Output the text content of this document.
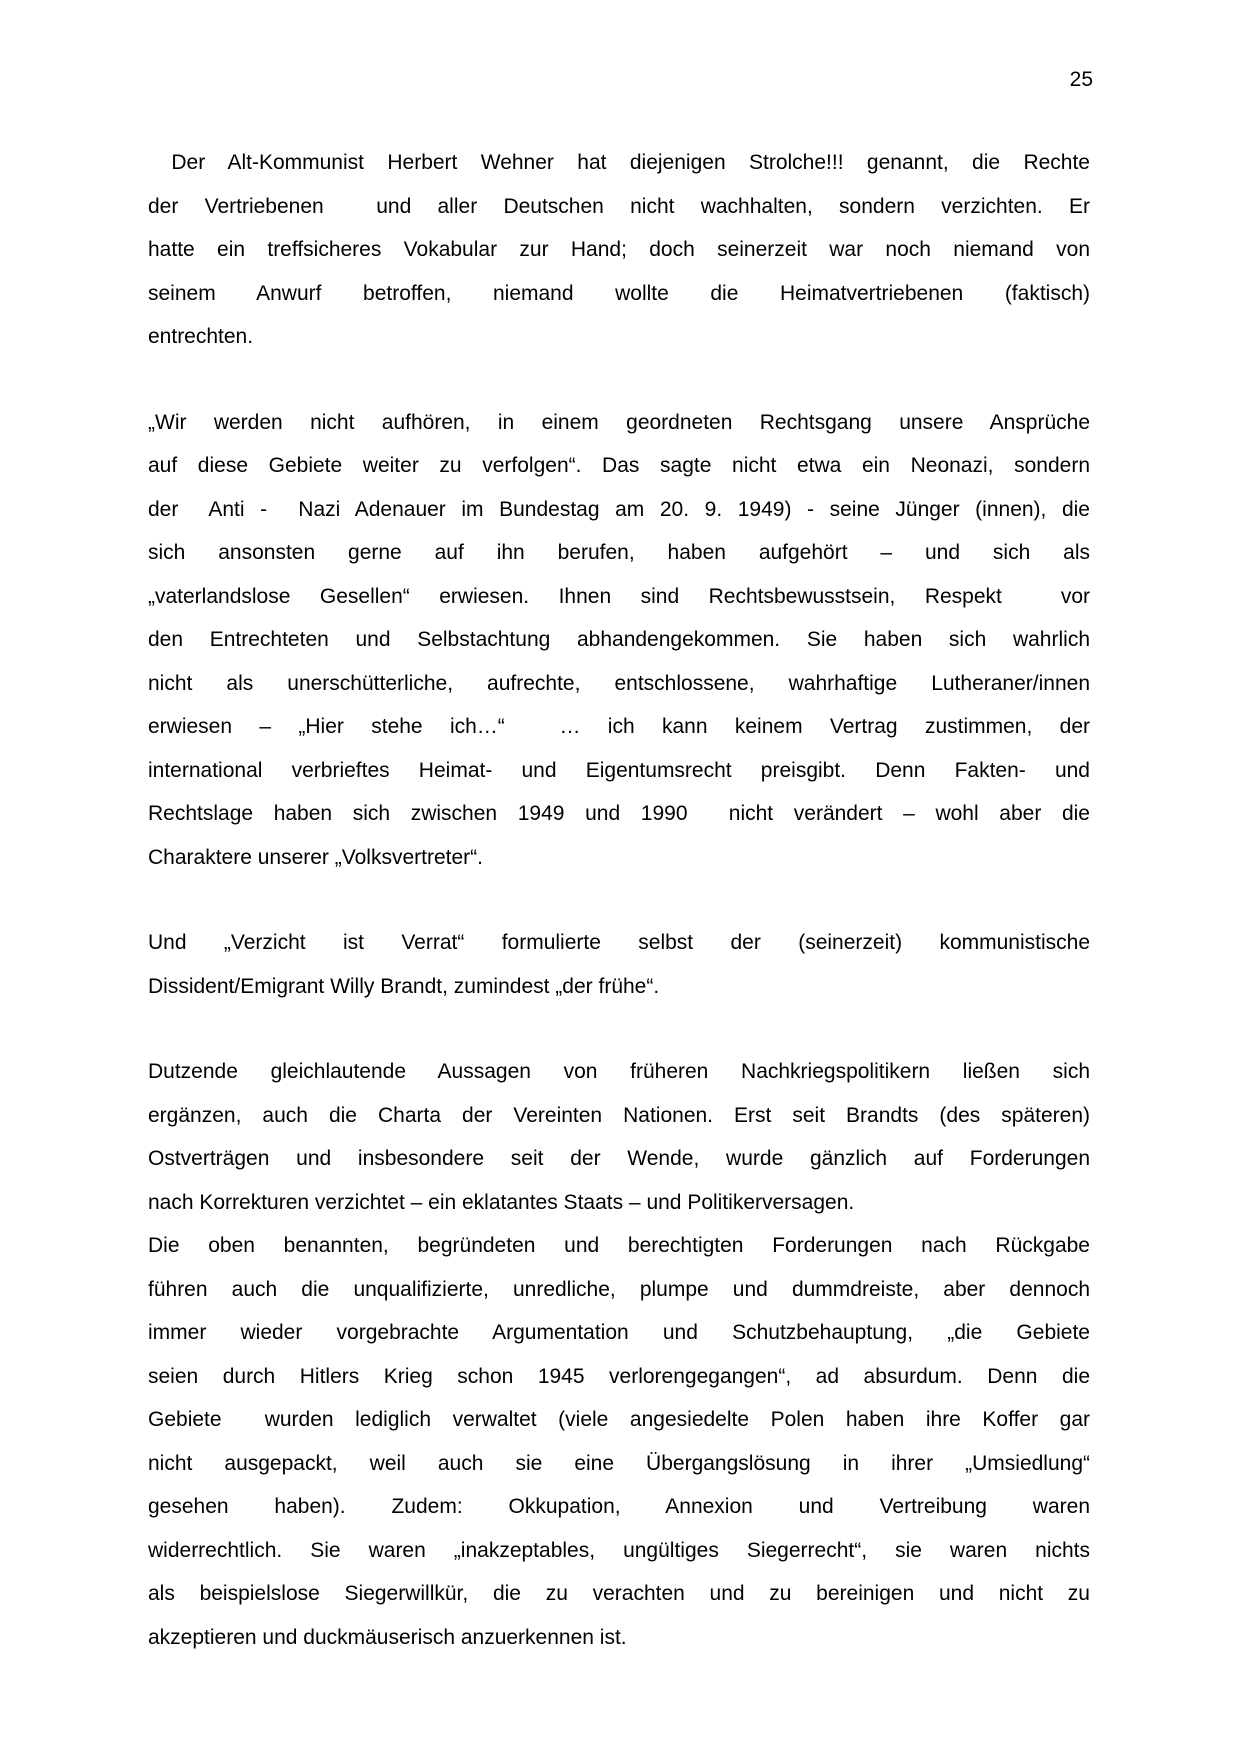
25
Der Alt-Kommunist Herbert Wehner hat diejenigen Strolche!!! genannt, die Rechte
der Vertriebenen  und aller Deutschen nicht wachhalten, sondern verzichten. Er
hatte ein treffsicheres Vokabular zur Hand; doch seinerzeit war noch niemand von
seinem Anwurf betroffen, niemand wollte die Heimatvertriebenen (faktisch)
entrechten.
„Wir werden nicht aufhören, in einem geordneten Rechtsgang unsere Ansprüche
auf diese Gebiete weiter zu verfolgen“. Das sagte nicht etwa ein Neonazi, sondern
der  Anti -  Nazi Adenauer im Bundestag am 20. 9. 1949) - seine Jünger (innen), die
sich ansonsten gerne auf ihn berufen, haben aufgehört – und sich als
„vaterlandslose Gesellen“ erwiesen. Ihnen sind Rechtsbewusstsein, Respekt  vor
den Entrechteten und Selbstachtung abhandengekommen. Sie haben sich wahrlich
nicht als unerschütterliche, aufrechte, entschlossene, wahrhaftige Lutheraner/innen
erwiesen – „Hier stehe ich…“  … ich kann keinem Vertrag zustimmen, der
international verbrieftes Heimat- und Eigentumsrecht preisgibt. Denn Fakten- und
Rechtslage haben sich zwischen 1949 und 1990  nicht verändert – wohl aber die
Charaktere unserer „Volksvertreter“.
Und „Verzicht ist Verrat“ formulierte selbst der (seinerzeit) kommunistische
Dissident/Emigrant Willy Brandt, zumindest „der frühe“.
Dutzende gleichlautende Aussagen von früheren Nachkriegspolitikern ließen sich
ergänzen, auch die Charta der Vereinten Nationen. Erst seit Brandts (des späteren)
Ostverträgen und insbesondere seit der Wende, wurde gänzlich auf Forderungen
nach Korrekturen verzichtet – ein eklatantes Staats – und Politikerversagen.
Die oben benannten, begründeten und berechtigten Forderungen nach Rückgabe
führen auch die unqualifizierte, unredliche, plumpe und dummdreiste, aber dennoch
immer wieder vorgebrachte Argumentation und Schutzbehauptung, „die Gebiete
seien durch Hitlers Krieg schon 1945 verlorengegangen“, ad absurdum. Denn die
Gebiete  wurden lediglich verwaltet (viele angesiedelte Polen haben ihre Koffer gar
nicht ausgepackt, weil auch sie eine Übergangslösung in ihrer „Umsiedlung“
gesehen haben). Zudem: Okkupation, Annexion und Vertreibung waren
widerrechtlich. Sie waren „inakzeptables, ungültiges Siegerrecht“, sie waren nichts
als beispielslose Siegerwillkür, die zu verachten und zu bereinigen und nicht zu
akzeptieren und duckmäuserisch anzuerkennen ist.
